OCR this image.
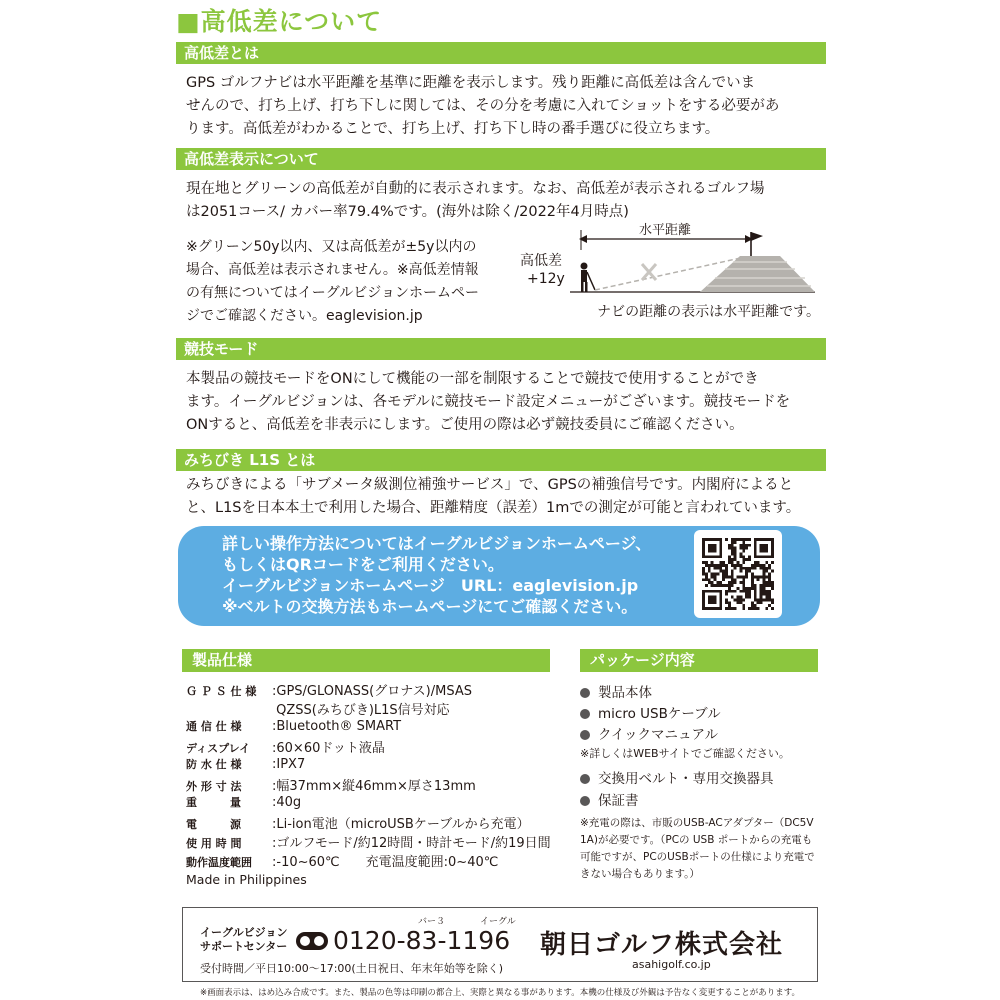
■高低差について
高低差とは

GPS ゴルフナビは水平距離を基準に距離を表示します。残り距離に高低差は含んでいま

せんので、打ち上げ、打ち下しに関しては、その分を考慮に入れてショットをする必要があ

ります。高低差がわかることで、打ち上げ、打ち下し時の番手選びに役立ちます。

高低差表示について

現在地とグリーンの高低差が自動的に表示されます。なお、高低差が表示されるゴルフ場

は2051コース/ カバー率79.4%です。(海外は除く/2022年4月時点)

※グリーン50y以内、又は高低差が±5y以内の

場合、高低差は表示されません。※高低差情報

の有無についてはイーグルビジョンホームペー

ジでご確認ください。eaglevision.jp

水平距離
高低差
+12y
ナビの距離の表示は水平距離です。
競技モード

本製品の競技モードをONにして機能の一部を制限することで競技で使用することができ

ます。イーグルビジョンは、各モデルに競技モード設定メニューがございます。競技モードを

ONすると、高低差を非表示にします。ご使用の際は必ず競技委員にご確認ください。

みちびき L1S とは

みちびきによる「サブメータ級測位補強サービス」で、GPSの補強信号です。内閣府によると

と、L1Sを日本本土で利用した場合、距離精度（誤差）1mでの測定が可能と言われています。

詳しい操作方法についてはイーグルビジョンホームページ、

もしくはQRコードをご利用ください。

イーグルビジョンホームページ　URL：eaglevision.jp

※ベルトの交換方法もホームページにてご確認ください。

製品仕様
Ｇ Ｐ Ｓ 仕 様 :GPS/GLONASS(グロナス)/MSAS
QZSS(みちびき)L1S信号対応
通 信 仕 様 :Bluetooth® SMART
ディスプレイ :60×60ドット液晶
防 水 仕 様 :IPX7
外 形 寸 法 :幅37mm×縦46mm×厚さ13mm
重　　　量 :40g
電　　　源 :Li-ion電池（microUSBケーブルから充電）
使 用 時 間 :ゴルフモード/約12時間・時計モード/約19日間
動作温度範囲 :-10~60℃　　充電温度範囲:0~40℃
Made in Philippines
パッケージ内容
製品本体
micro USBケーブル
クイックマニュアル
※詳しくはWEBサイトでご確認ください。
交換用ベルト・専用交換器具
保証書

※充電の際は、市販のUSB-ACアダプター（DC5V

1A)が必要です。（PCの USB ポートからの充電も

可能ですが、PCのUSBポートの仕様により充電で

きない場合もあります。）

イーグルビジョン

サポートセンター

バー３	イーグル
0120-83-1196 朝日ゴルフ株式会社
受付時間／平日10:00～17:00(土日祝日、年末年始等を除く)	asahigolf.co.jp
※画面表示は、はめ込み合成です。また、製品の色等は印刷の都合上、実際と異なる事があります。本機の仕様及び外観は予告なく変更することがあります。
